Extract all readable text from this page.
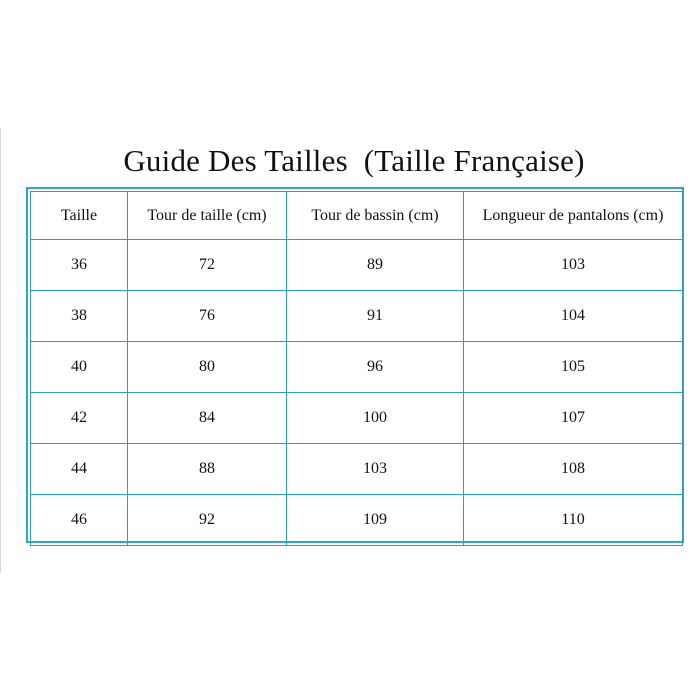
Guide Des Tailles  (Taille Française)
Taille	Tour de taille (cm)	Tour de bassin (cm)	Longueur de pantalons (cm)
36	72	89	103
38	76	91	104
40	80	96	105
42	84	100	107
44	88	103	108
46	92	109	110
